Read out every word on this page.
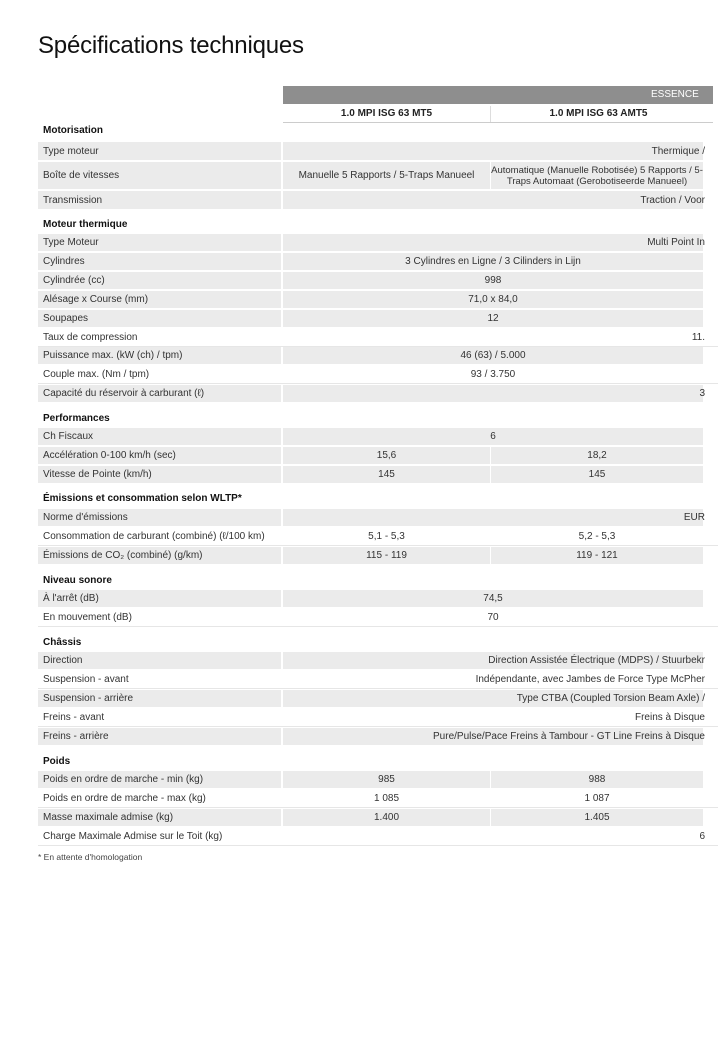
Spécifications techniques
ESSENCE
1.0 MPI ISG 63 MT5	1.0 MPI ISG 63 AMT5
Motorisation
Type moteur	Thermique /
Boîte de vitesses	Manuelle 5 Rapports / 5-Traps Manueel	Automatique (Manuelle Robotisée) 5 Rapports / 5-Traps Automaat (Gerobotiseerde Manueel)
Transmission	Traction / Voor
Moteur thermique
Type Moteur	Multi Point In
Cylindres	3 Cylindres en Ligne / 3 Cilinders in Lijn
Cylindrée (cc)	998
Alésage x Course (mm)	71,0 x 84,0
Soupapes	12
Taux de compression	11.
Puissance max. (kW (ch) / tpm)	46 (63) / 5.000
Couple max. (Nm / tpm)	93 / 3.750
Capacité du réservoir à carburant (ℓ)	3
Performances
Ch Fiscaux	6
Accélération 0-100 km/h (sec)	15,6	18,2
Vitesse de Pointe (km/h)	145	145
Émissions et consommation selon WLTP*
Norme d'émissions	EUR
Consommation de carburant (combiné) (ℓ/100 km)	5,1 - 5,3	5,2 - 5,3
Émissions de CO₂ (combiné) (g/km)	115 - 119	119 - 121
Niveau sonore
À l'arrêt (dB)	74,5
En mouvement (dB)	70
Châssis
Direction	Direction Assistée Électrique (MDPS) / Stuurbekr
Suspension - avant	Indépendante, avec Jambes de Force Type McPher
Suspension - arrière	Type CTBA (Coupled Torsion Beam Axle) /
Freins - avant	Freins à Disque
Freins - arrière	Pure/Pulse/Pace Freins à Tambour - GT Line Freins à Disque
Poids
Poids en ordre de marche - min (kg)	985	988
Poids en ordre de marche - max (kg)	1 085	1 087
Masse maximale admise (kg)	1.400	1.405
Charge Maximale Admise sur le Toit (kg)	6
* En attente d'homologation
